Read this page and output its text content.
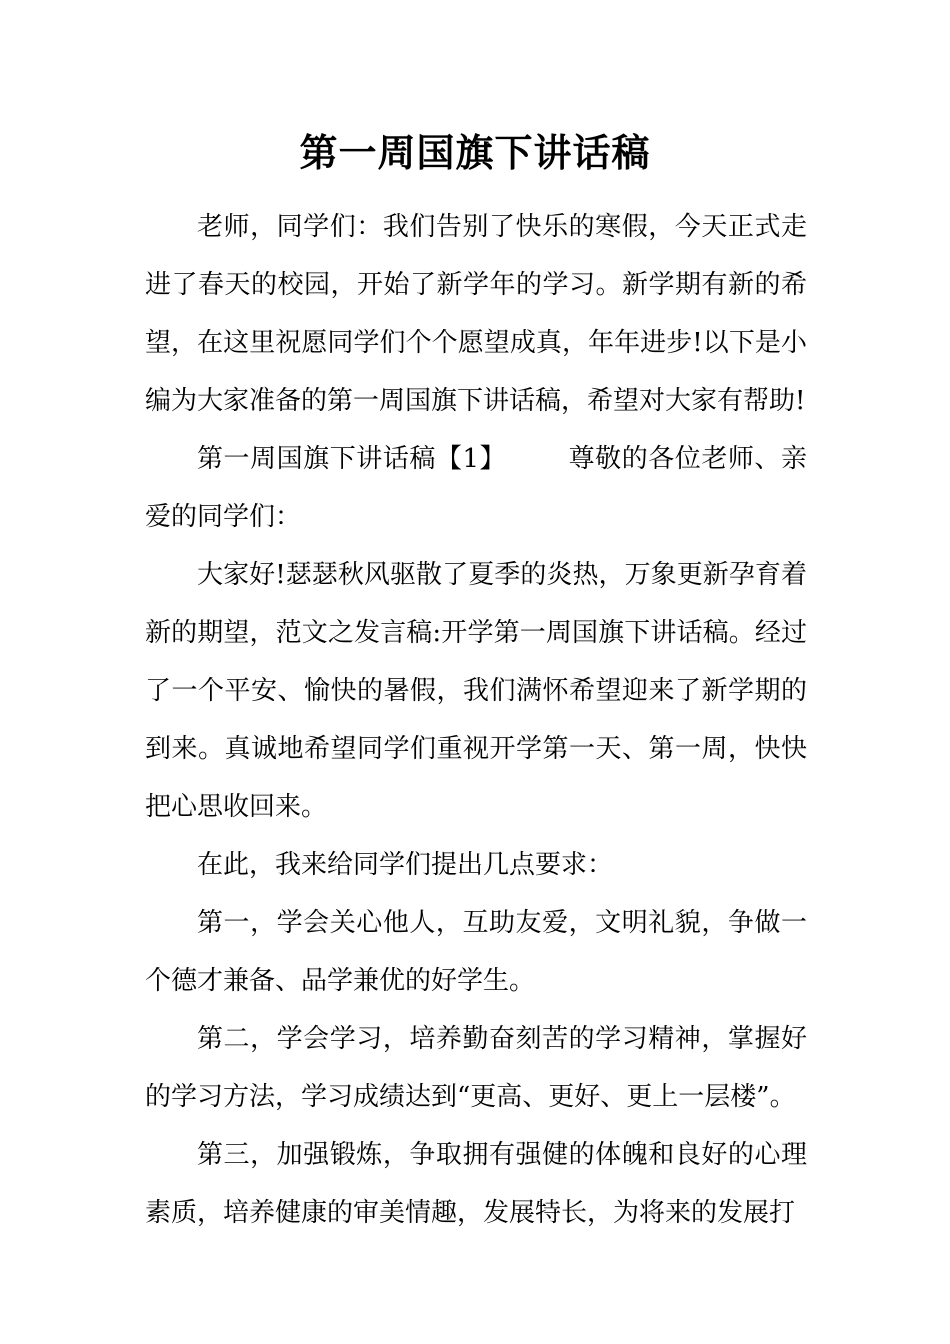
第一周国旗下讲话稿

老师，同学们：我们告别了快乐的寒假，今天正式走进了春天的校园，开始了新学年的学习。新学期有新的希望，在这里祝愿同学们个个愿望成真，年年进步!以下是小编为大家准备的第一周国旗下讲话稿，希望对大家有帮助!

第一周国旗下讲话稿【1】 尊敬的各位老师、亲爱的同学们：

大家好!瑟瑟秋风驱散了夏季的炎热，万象更新孕育着新的期望，范文之发言稿:开学第一周国旗下讲话稿。经过了一个平安、愉快的暑假，我们满怀希望迎来了新学期的到来。真诚地希望同学们重视开学第一天、第一周，快快把心思收回来。

在此，我来给同学们提出几点要求：

第一，学会关心他人，互助友爱，文明礼貌，争做一个德才兼备、品学兼优的好学生。

第二，学会学习，培养勤奋刻苦的学习精神，掌握好的学习方法，学习成绩达到“更高、更好、更上一层楼”。

第三，加强锻炼，争取拥有强健的体魄和良好的心理素质，培养健康的审美情趣，发展特长，为将来的发展打
